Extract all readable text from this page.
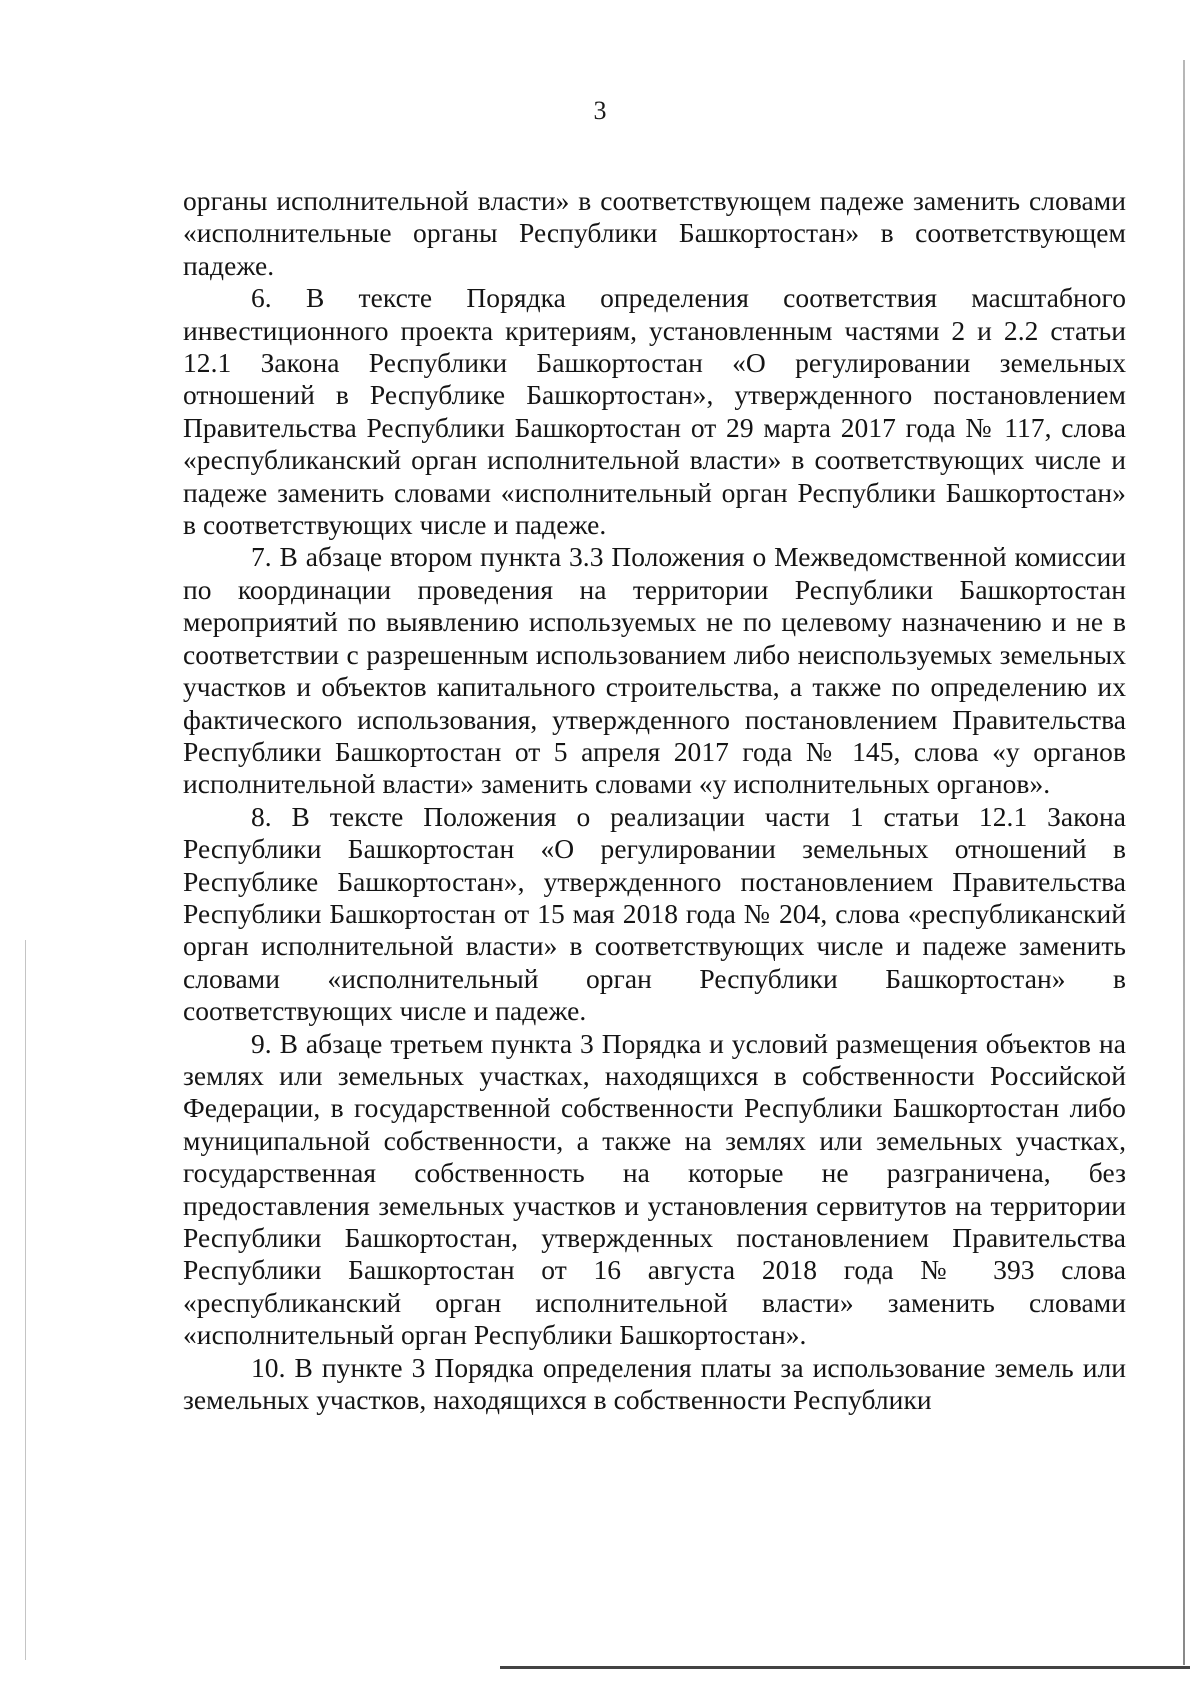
3

органы исполнительной власти» в соответствующем падеже заменить словами «исполнительные органы Республики Башкортостан» в соответствующем падеже.

6. В тексте Порядка определения соответствия масштабного инвестиционного проекта критериям, установленным частями 2 и 2.2 статьи 12.1 Закона Республики Башкортостан «О регулировании земельных отношений в Республике Башкортостан», утвержденного постановлением Правительства Республики Башкортостан от 29 марта 2017 года № 117, слова «республиканский орган исполнительной власти» в соответствующих числе и падеже заменить словами «исполнительный орган Республики Башкортостан» в соответствующих числе и падеже.

7. В абзаце втором пункта 3.3 Положения о Межведомственной комиссии по координации проведения на территории Республики Башкортостан мероприятий по выявлению используемых не по целевому назначению и не в соответствии с разрешенным использованием либо неиспользуемых земельных участков и объектов капитального строительства, а также по определению их фактического использования, утвержденного постановлением Правительства Республики Башкортостан от 5 апреля 2017 года № 145, слова «у органов исполнительной власти» заменить словами «у исполнительных органов».

8. В тексте Положения о реализации части 1 статьи 12.1 Закона Республики Башкортостан «О регулировании земельных отношений в Республике Башкортостан», утвержденного постановлением Правительства Республики Башкортостан от 15 мая 2018 года № 204, слова «республиканский орган исполнительной власти» в соответствующих числе и падеже заменить словами «исполнительный орган Республики Башкортостан» в соответствующих числе и падеже.

9. В абзаце третьем пункта 3 Порядка и условий размещения объектов на землях или земельных участках, находящихся в собственности Российской Федерации, в государственной собственности Республики Башкортостан либо муниципальной собственности, а также на землях или земельных участках, государственная собственность на которые не разграничена, без предоставления земельных участков и установления сервитутов на территории Республики Башкортостан, утвержденных постановлением Правительства Республики Башкортостан от 16 августа 2018 года № 393 слова «республиканский орган исполнительной власти» заменить словами «исполнительный орган Республики Башкортостан».

10. В пункте 3 Порядка определения платы за использование земель или земельных участков, находящихся в собственности Республики
